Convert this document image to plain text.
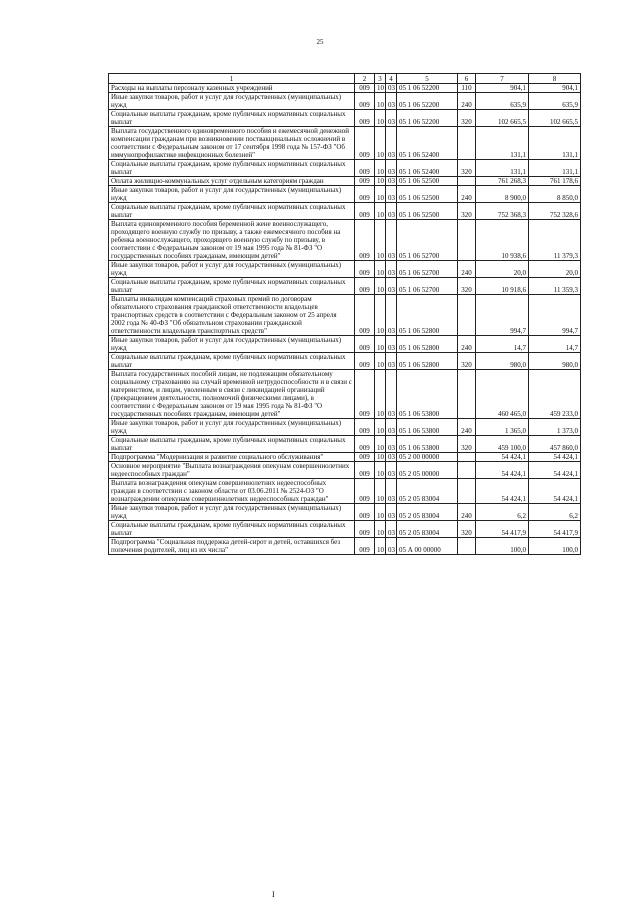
25
1	2	3	4	5	6	7	8
Расходы на выплаты персоналу казенных учреждений	009	10	03	05 1 06 52200	110	904,1	904,1
Иные закупки товаров, работ и услуг для государственных (муниципальных) нужд	009	10	03	05 1 06 52200	240	635,9	635,9
Социальные выплаты гражданам, кроме публичных нормативных социальных выплат	009	10	03	05 1 06 52200	320	102 665,5	102 665,5
Выплата государственного единовременного пособия и ежемесячной денежной компенсации гражданам при возникновении поствакцинальных осложнений в соответствии с Федеральным законом от 17 сентября 1998 года № 157-ФЗ "Об иммунопрофилактике инфекционных болезней"	009	10	03	05 1 06 52400		131,1	131,1
Социальные выплаты гражданам, кроме публичных нормативных социальных выплат	009	10	03	05 1 06 52400	320	131,1	131,1
Оплата жилищно-коммунальных услуг отдельным категориям граждан	009	10	03	05 1 06 52500		761 268,3	761 178,6
Иные закупки товаров, работ и услуг для государственных (муниципальных) нужд	009	10	03	05 1 06 52500	240	8 900,0	8 850,0
Социальные выплаты гражданам, кроме публичных нормативных социальных выплат	009	10	03	05 1 06 52500	320	752 368,3	752 328,6
Выплата единовременного пособия беременной жене военнослужащего, проходящего военную службу по призыву, а также ежемесячного пособия на ребенка военнослужащего, проходящего военную службу по призыву, в соответствии с Федеральным законом от 19 мая 1995 года № 81-ФЗ "О государственных пособиях гражданам, имеющим детей"	009	10	03	05 1 06 52700		10 938,6	11 379,3
Иные закупки товаров, работ и услуг для государственных (муниципальных) нужд	009	10	03	05 1 06 52700	240	20,0	20,0
Социальные выплаты гражданам, кроме публичных нормативных социальных выплат	009	10	03	05 1 06 52700	320	10 918,6	11 359,3
Выплаты инвалидам компенсаций страховых премий по договорам обязательного страхования гражданской ответственности владельцев транспортных средств в соответствии с Федеральным законом от 25 апреля 2002 года № 40-ФЗ "Об обязательном страховании гражданской ответственности владельцев транспортных средств"	009	10	03	05 1 06 52800		994,7	994,7
Иные закупки товаров, работ и услуг для государственных (муниципальных) нужд	009	10	03	05 1 06 52800	240	14,7	14,7
Социальные выплаты гражданам, кроме публичных нормативных социальных выплат	009	10	03	05 1 06 52800	320	980,0	980,0
Выплата государственных пособий лицам, не подлежащим обязательному социальному страхованию на случай временной нетрудоспособности и в связи с материнством, и лицам, уволенным в связи с ликвидацией организаций (прекращением деятельности, полномочий физическими лицами), в соответствии с Федеральным законом от 19 мая 1995 года № 81-ФЗ "О государственных пособиях гражданам, имеющим детей"	009	10	03	05 1 06 53800		460 465,0	459 233,0
Иные закупки товаров, работ и услуг для государственных (муниципальных) нужд	009	10	03	05 1 06 53800	240	1 365,0	1 373,0
Социальные выплаты гражданам, кроме публичных нормативных социальных выплат	009	10	03	05 1 06 53800	320	459 100,0	457 860,0
Подпрограмма "Модернизация и развитие социального обслуживания"	009	10	03	05 2 00 00000		54 424,1	54 424,1
Основное мероприятие "Выплата вознаграждения опекунам совершеннолетних недееспособных граждан"	009	10	03	05 2 05 00000		54 424,1	54 424,1
Выплата вознаграждения опекунам совершеннолетних недееспособных граждан в соответствии с законом области от 03.06.2011 № 2524-ОЗ "О вознаграждении опекунам совершеннолетних недееспособных граждан"	009	10	03	05 2 05 83004		54 424,1	54 424,1
Иные закупки товаров, работ и услуг для государственных (муниципальных) нужд	009	10	03	05 2 05 83004	240	6,2	6,2
Социальные выплаты гражданам, кроме публичных нормативных социальных выплат	009	10	03	05 2 05 83004	320	54 417,9	54 417,9
Подпрограмма "Социальная поддержка детей-сирот и детей, оставшихся без попечения родителей, лиц из их числа"	009	10	03	05 А 00 00000		100,0	100,0
I
